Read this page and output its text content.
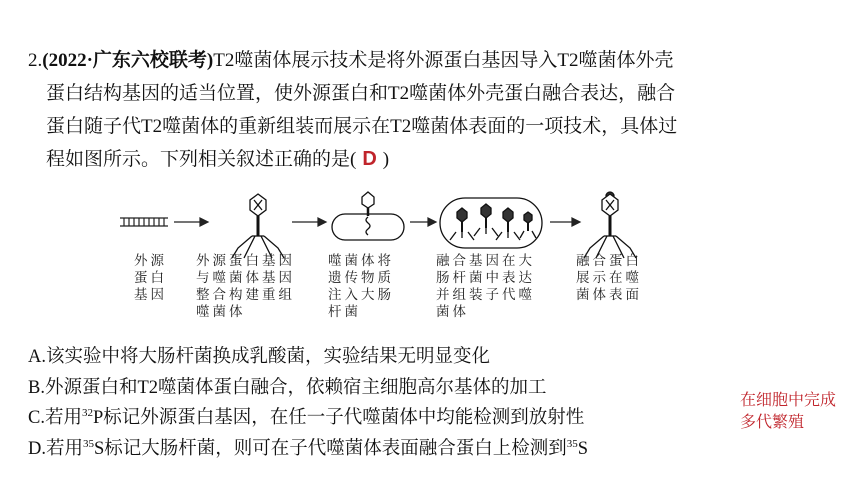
2.(2022·广东六校联考)T2噬菌体展示技术是将外源蛋白基因导入T2噬菌体外壳
蛋白结构基因的适当位置，使外源蛋白和T2噬菌体外壳蛋白融合表达，融合
蛋白随子代T2噬菌体的重新组装而展示在T2噬菌体表面的一项技术，具体过
程如图所示。下列相关叙述正确的是( D )
外源
蛋白
基因
外源蛋白基因
与噬菌体基因
整合构建重组
噬菌体
噬菌体将
遗传物质
注入大肠
杆菌
融合基因在大
肠杆菌中表达
并组装子代噬
菌体
融合蛋白
展示在噬
菌体表面
A.该实验中将大肠杆菌换成乳酸菌，实验结果无明显变化
B.外源蛋白和T2噬菌体蛋白融合，依赖宿主细胞高尔基体的加工
C.若用$^{32}$P标记外源蛋白基因，在任一子代噬菌体中均能检测到放射性
D.若用$^{35}$S标记大肠杆菌，则可在子代噬菌体表面融合蛋白上检测到$^{35}$S
在细胞中完成多代繁殖
